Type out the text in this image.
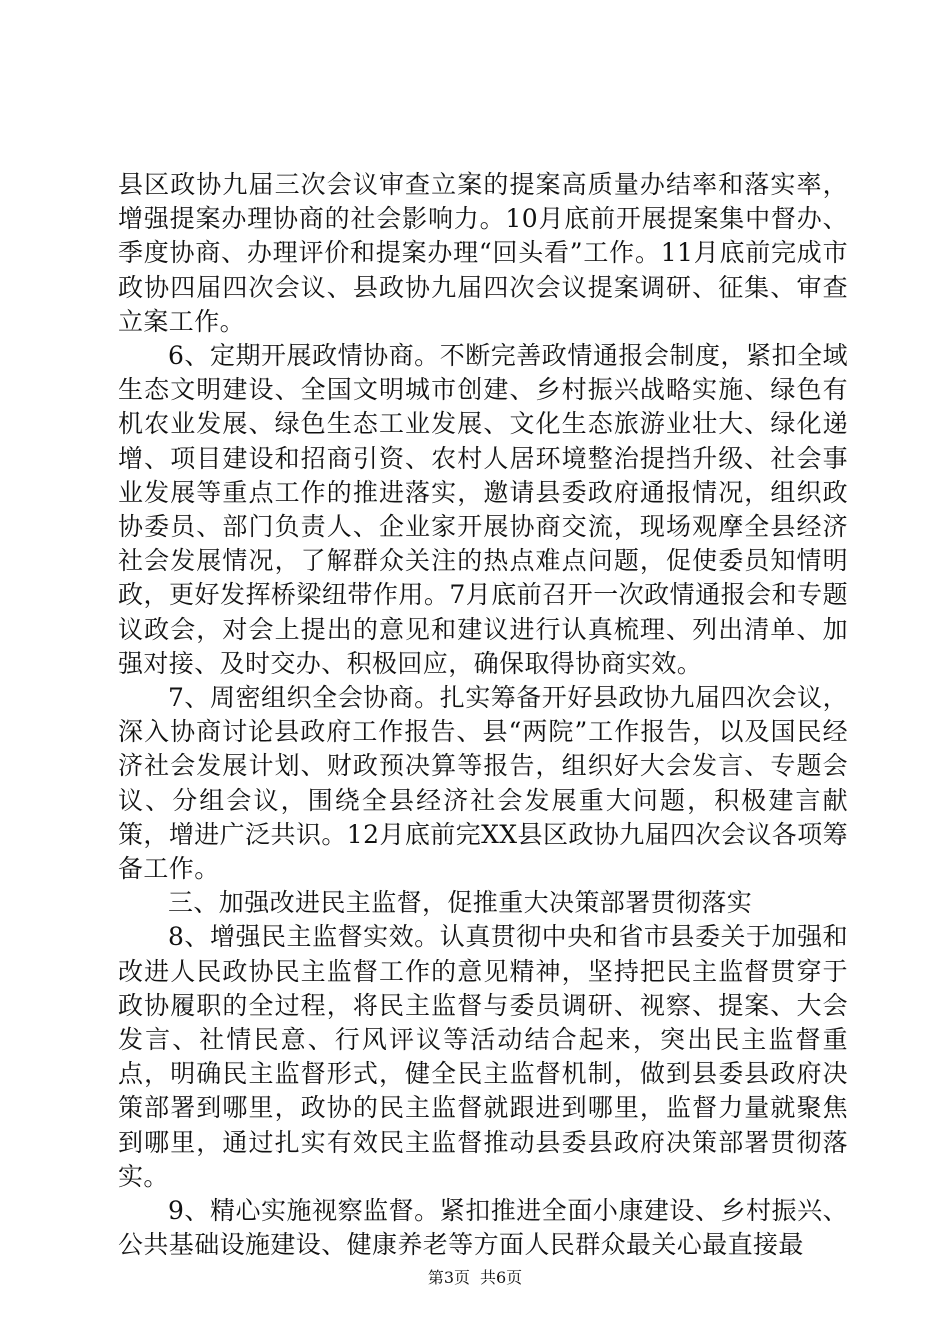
县区政协九届三次会议审查立案的提案高质量办结率和落实率，增强提案办理协商的社会影响力。10月底前开展提案集中督办、季度协商、办理评价和提案办理“回头看”工作。11月底前完成市政协四届四次会议、县政协九届四次会议提案调研、征集、审查立案工作。

6、定期开展政情协商。不断完善政情通报会制度，紧扣全域生态文明建设、全国文明城市创建、乡村振兴战略实施、绿色有机农业发展、绿色生态工业发展、文化生态旅游业壮大、绿化递增、项目建设和招商引资、农村人居环境整治提挡升级、社会事业发展等重点工作的推进落实，邀请县委政府通报情况，组织政协委员、部门负责人、企业家开展协商交流，现场观摩全县经济社会发展情况，了解群众关注的热点难点问题，促使委员知情明政，更好发挥桥梁纽带作用。7月底前召开一次政情通报会和专题议政会，对会上提出的意见和建议进行认真梳理、列出清单、加强对接、及时交办、积极回应，确保取得协商实效。

7、周密组织全会协商。扎实筹备开好县政协九届四次会议，深入协商讨论县政府工作报告、县“两院”工作报告，以及国民经济社会发展计划、财政预决算等报告，组织好大会发言、专题会议、分组会议，围绕全县经济社会发展重大问题，积极建言献策，增进广泛共识。12月底前完XX县区政协九届四次会议各项筹备工作。

三、加强改进民主监督，促推重大决策部署贯彻落实

8、增强民主监督实效。认真贯彻中央和省市县委关于加强和改进人民政协民主监督工作的意见精神，坚持把民主监督贯穿于政协履职的全过程，将民主监督与委员调研、视察、提案、大会发言、社情民意、行风评议等活动结合起来，突出民主监督重点，明确民主监督形式，健全民主监督机制，做到县委县政府决策部署到哪里，政协的民主监督就跟进到哪里，监督力量就聚焦到哪里，通过扎实有效民主监督推动县委县政府决策部署贯彻落实。

9、精心实施视察监督。紧扣推进全面小康建设、乡村振兴、公共基础设施建设、健康养老等方面人民群众最关心最直接最

第3页 共6页
